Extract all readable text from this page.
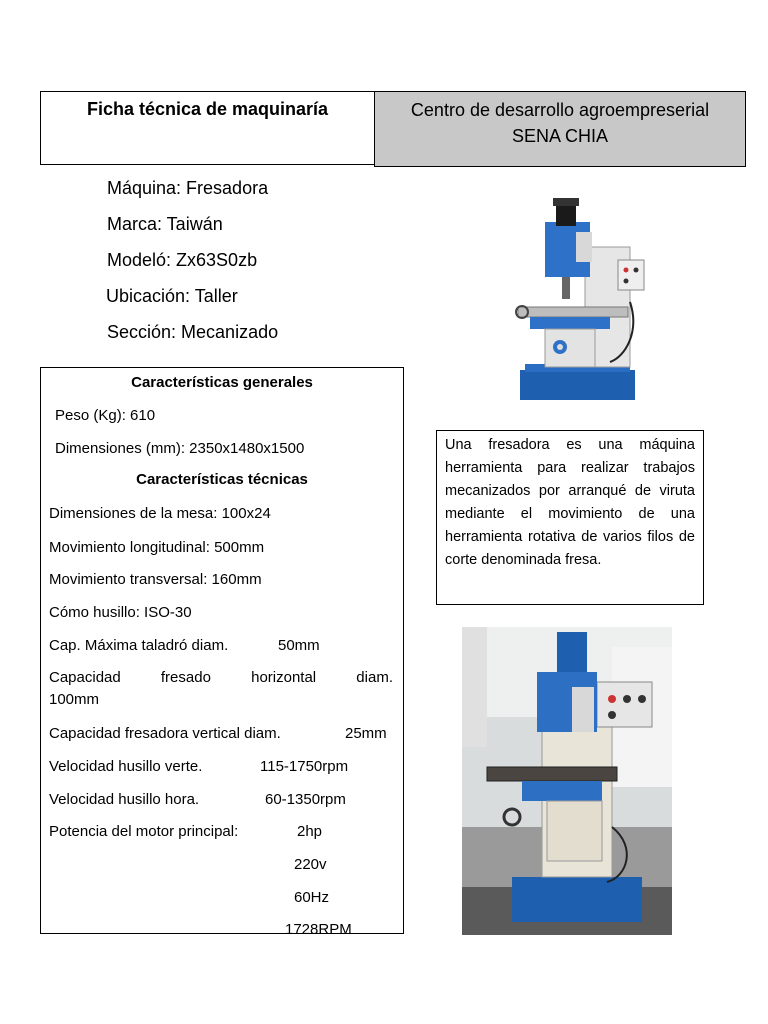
Ficha técnica de maquinaría	Centro de desarrollo agroempreserial
SENA CHIA
Máquina: Fresadora
Marca: Taiwán
Modeló: Zx63S0zb
Ubicación: Taller
Sección: Mecanizado
Características generales
Peso (Kg): 610
Dimensiones (mm): 2350x1480x1500
Características técnicas
Dimensiones de la mesa: 100x24
Movimiento longitudinal: 500mm
Movimiento transversal: 160mm
Cómo husillo: ISO-30
Cap. Máxima taladró diam.	50mm
Capacidad fresado horizontal diam.
100mm
Capacidad fresadora vertical diam.	25mm
Velocidad husillo verte.	115-1750rpm
Velocidad husillo hora.	60-1350rpm
Potencia del motor principal:	2hp
220v
60Hz
1728RPM
Una fresadora es una máquina herramienta para realizar trabajos mecanizados por arranqué de viruta mediante el movimiento de una herramienta rotativa de varios filos de corte denominada fresa.
